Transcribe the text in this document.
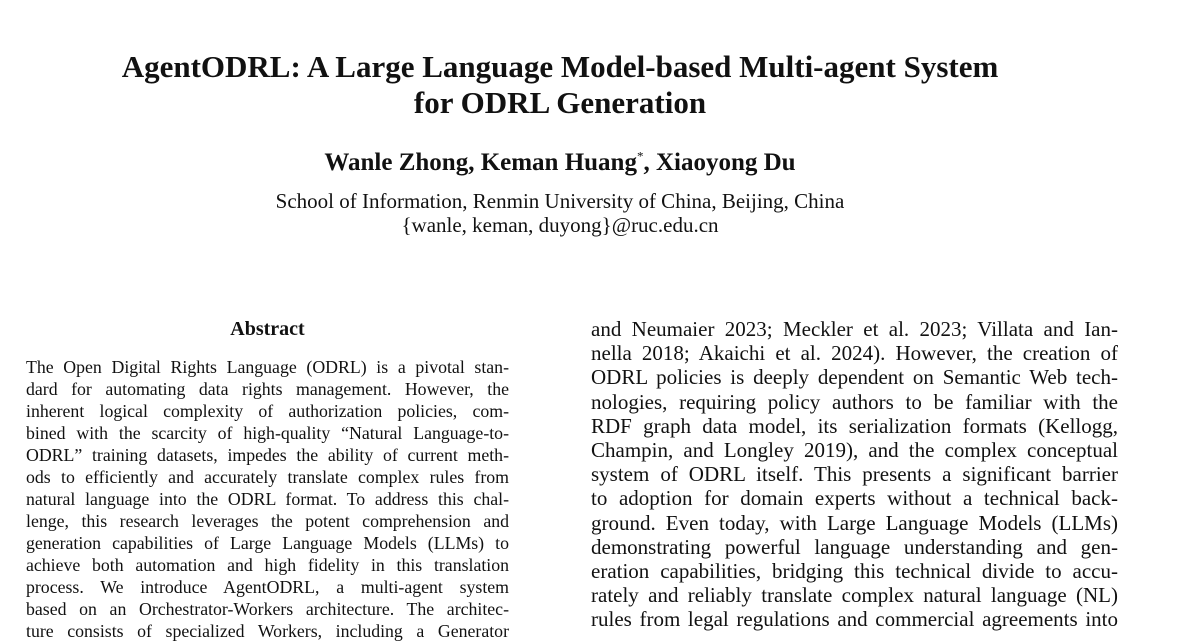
AgentODRL: A Large Language Model-based Multi-agent System
for ODRL Generation
Wanle Zhong, Keman Huang*, Xiaoyong Du
School of Information, Renmin University of China, Beijing, China
{wanle, keman, duyong}@ruc.edu.cn
Abstract
The Open Digital Rights Language (ODRL) is a pivotal stan-
dard for automating data rights management. However, the
inherent logical complexity of authorization policies, com-
bined with the scarcity of high-quality “Natural Language-to-
ODRL” training datasets, impedes the ability of current meth-
ods to efficiently and accurately translate complex rules from
natural language into the ODRL format. To address this chal-
lenge, this research leverages the potent comprehension and
generation capabilities of Large Language Models (LLMs) to
achieve both automation and high fidelity in this translation
process. We introduce AgentODRL, a multi-agent system
based on an Orchestrator-Workers architecture. The architec-
ture consists of specialized Workers, including a Generator
and Neumaier 2023; Meckler et al. 2023; Villata and Ian-
nella 2018; Akaichi et al. 2024). However, the creation of
ODRL policies is deeply dependent on Semantic Web tech-
nologies, requiring policy authors to be familiar with the
RDF graph data model, its serialization formats (Kellogg,
Champin, and Longley 2019), and the complex conceptual
system of ODRL itself. This presents a significant barrier
to adoption for domain experts without a technical back-
ground. Even today, with Large Language Models (LLMs)
demonstrating powerful language understanding and gen-
eration capabilities, bridging this technical divide to accu-
rately and reliably translate complex natural language (NL)
rules from legal regulations and commercial agreements into
